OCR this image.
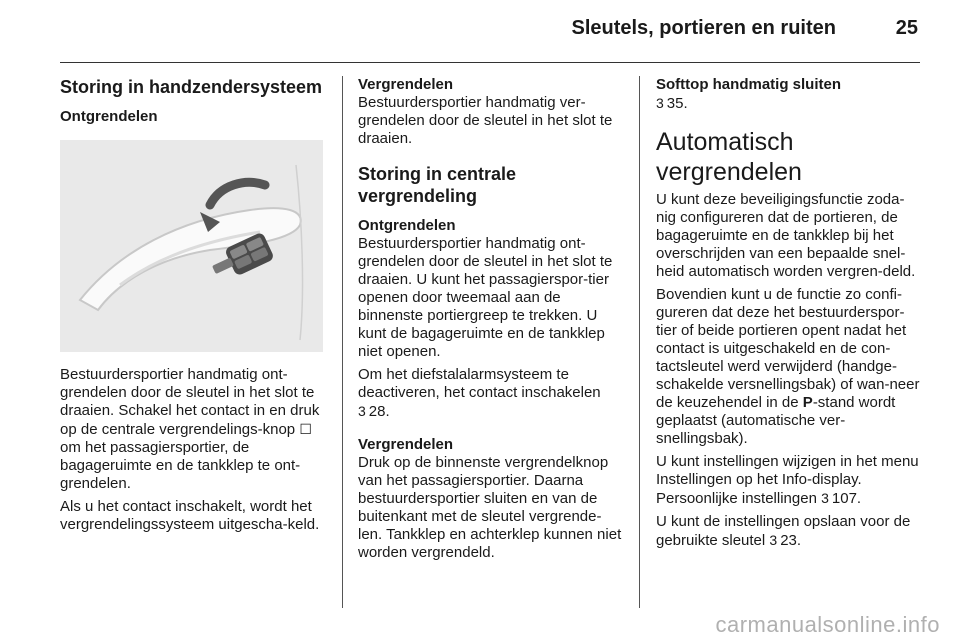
Sleutels, portieren en ruiten	25
Storing in handzendersysteem
Ontgrendelen

Bestuurdersportier handmatig ont-grendelen door de sleutel in het slot te draaien. Schakel het contact in en druk op de centrale vergrendelings-knop ☐ om het passagiersportier, de bagageruimte en de tankklep te ont-grendelen.

Als u het contact inschakelt, wordt het vergrendelingssysteem uitgescha-keld.

Vergrendelen

Bestuurdersportier handmatig ver-grendelen door de sleutel in het slot te draaien.

Storing in centrale vergrendeling
Ontgrendelen

Bestuurdersportier handmatig ont-grendelen door de sleutel in het slot te draaien. U kunt het passagierspor-tier openen door tweemaal aan de binnenste portiergreep te trekken. U kunt de bagageruimte en de tankklep niet openen.

Om het diefstalalarmsysteem te deactiveren, het contact inschakelen 3 28.

Vergrendelen

Druk op de binnenste vergrendelknop van het passagiersportier. Daarna bestuurdersportier sluiten en van de buitenkant met de sleutel vergrende-len. Tankklep en achterklep kunnen niet worden vergrendeld.

Softtop handmatig sluiten

3 35.

Automatisch vergrendelen

U kunt deze beveiligingsfunctie zoda-nig configureren dat de portieren, de bagageruimte en de tankklep bij het overschrijden van een bepaalde snel-heid automatisch worden vergren-deld.

Bovendien kunt u de functie zo confi-gureren dat deze het bestuurderspor-tier of beide portieren opent nadat het contact is uitgeschakeld en de con-tactsleutel werd verwijderd (handge-schakelde versnellingsbak) of wan-neer de keuzehendel in de P-stand wordt geplaatst (automatische ver-snellingsbak).

U kunt instellingen wijzigen in het menu Instellingen op het Info-display. Persoonlijke instellingen 3 107.

U kunt de instellingen opslaan voor de gebruikte sleutel 3 23.

carmanualsonline.info
